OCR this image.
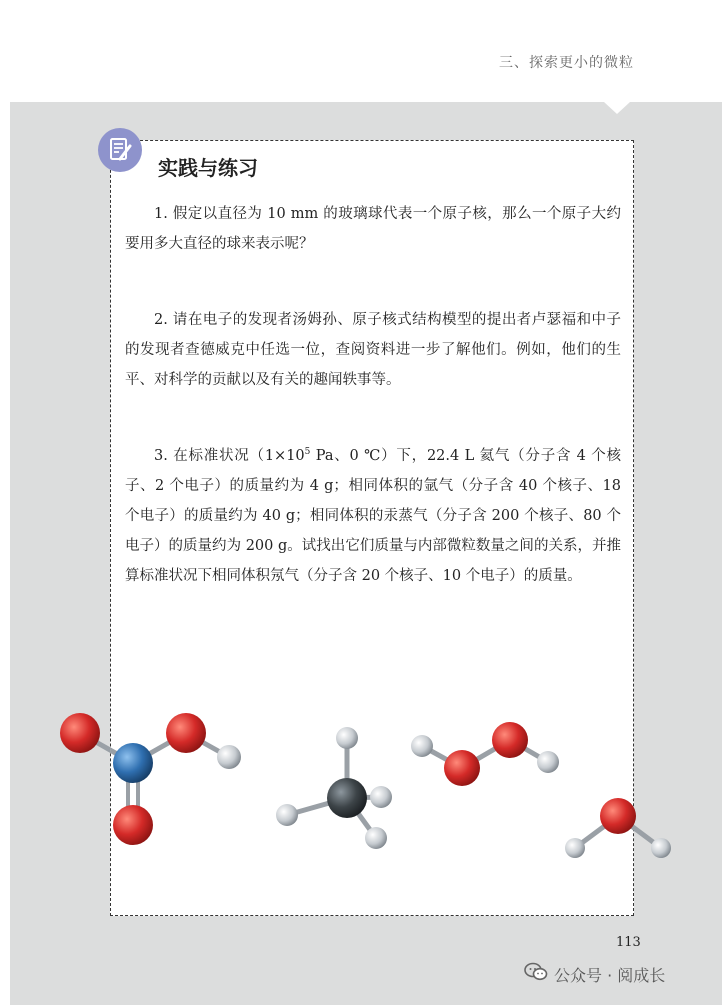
三、探索更小的微粒
实践与练习

1. 假定以直径为 10 mm 的玻璃球代表一个原子核，那么一个原子大约要用多大直径的球来表示呢？

2. 请在电子的发现者汤姆孙、原子核式结构模型的提出者卢瑟福和中子的发现者查德威克中任选一位，查阅资料进一步了解他们。例如，他们的生平、对科学的贡献以及有关的趣闻轶事等。

3. 在标准状况（$1\times 10^5$ Pa、0 ℃）下，22.4 L 氦气（分子含 4 个核子、2 个电子）的质量约为 4 g；相同体积的氩气（分子含 40 个核子、18 个电子）的质量约为 40 g；相同体积的汞蒸气（分子含 200 个核子、80 个电子）的质量约为 200 g。试找出它们质量与内部微粒数量之间的关系，并推算标准状况下相同体积氖气（分子含 20 个核子、10 个电子）的质量。

113
公众号 · 阅成长
